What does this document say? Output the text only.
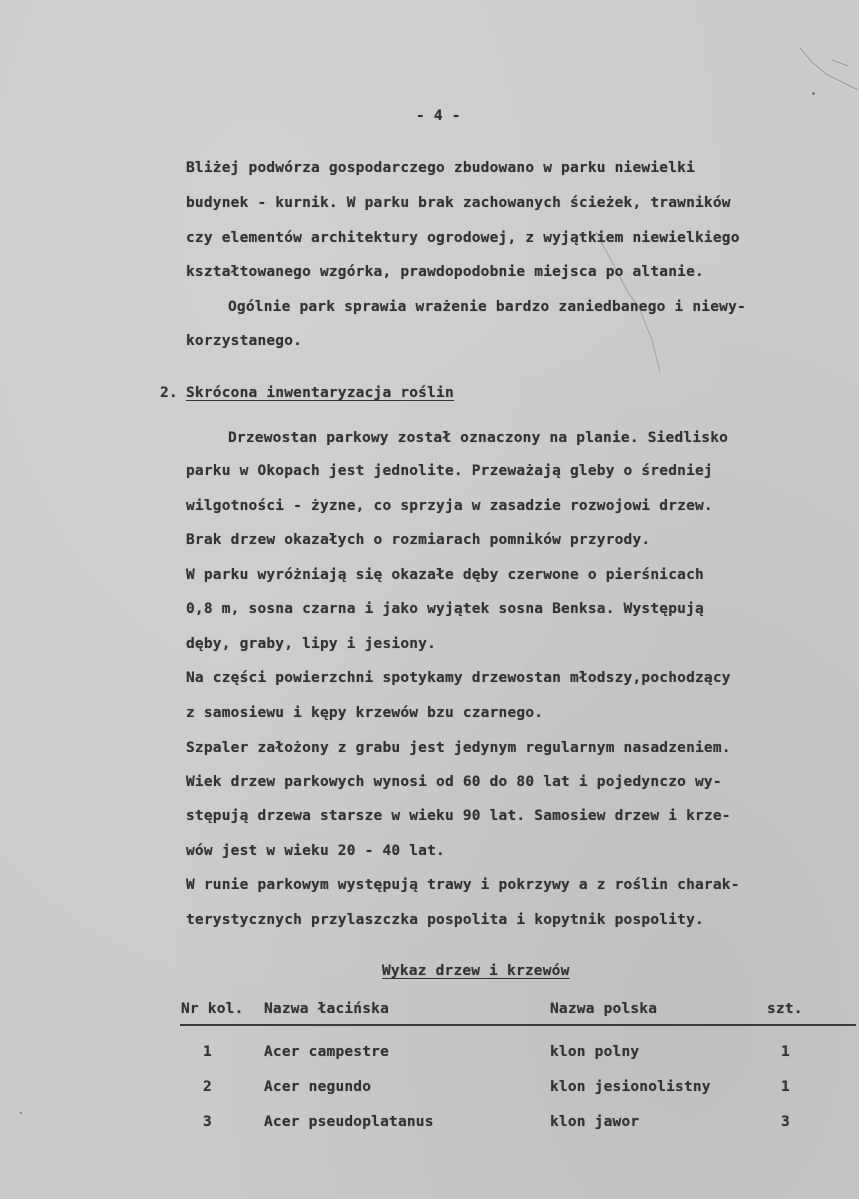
- 4 -
Bliżej podwórza gospodarczego zbudowano w parku niewielki
budynek - kurnik. W parku brak zachowanych ścieżek, trawników
czy elementów architektury ogrodowej, z wyjątkiem niewielkiego
kształtowanego wzgórka, prawdopodobnie miejsca po altanie.
Ogólnie park sprawia wrażenie bardzo zaniedbanego i niewy-
korzystanego.
2. Skrócona inwentaryzacja roślin
Drzewostan parkowy został oznaczony na planie. Siedlisko
parku w Okopach jest jednolite. Przeważają gleby o średniej
wilgotności - żyzne, co sprzyja w zasadzie rozwojowi drzew.
Brak drzew okazałych o rozmiarach pomników przyrody.
W parku wyróżniają się okazałe dęby czerwone o pierśnicach
0,8 m, sosna czarna i jako wyjątek sosna Benksa. Występują
dęby, graby, lipy i jesiony.
Na części powierzchni spotykamy drzewostan młodszy,pochodzący
z samosiewu i kępy krzewów bzu czarnego.
Szpaler założony z grabu jest jedynym regularnym nasadzeniem.
Wiek drzew parkowych wynosi od 60 do 80 lat i pojedynczo wy-
stępują drzewa starsze w wieku 90 lat. Samosiew drzew i krze-
wów jest w wieku 20 - 40 lat.
W runie parkowym występują trawy i pokrzywy a z roślin charak-
terystycznych przylaszczka pospolita i kopytnik pospolity.
Wykaz drzew i krzewów
Nr kol. Nazwa łacińska	Nazwa polska	szt.
1	Acer campestre	klon polny	1
2	Acer negundo	klon jesionolistny	1
3	Acer pseudoplatanus	klon jawor	3
